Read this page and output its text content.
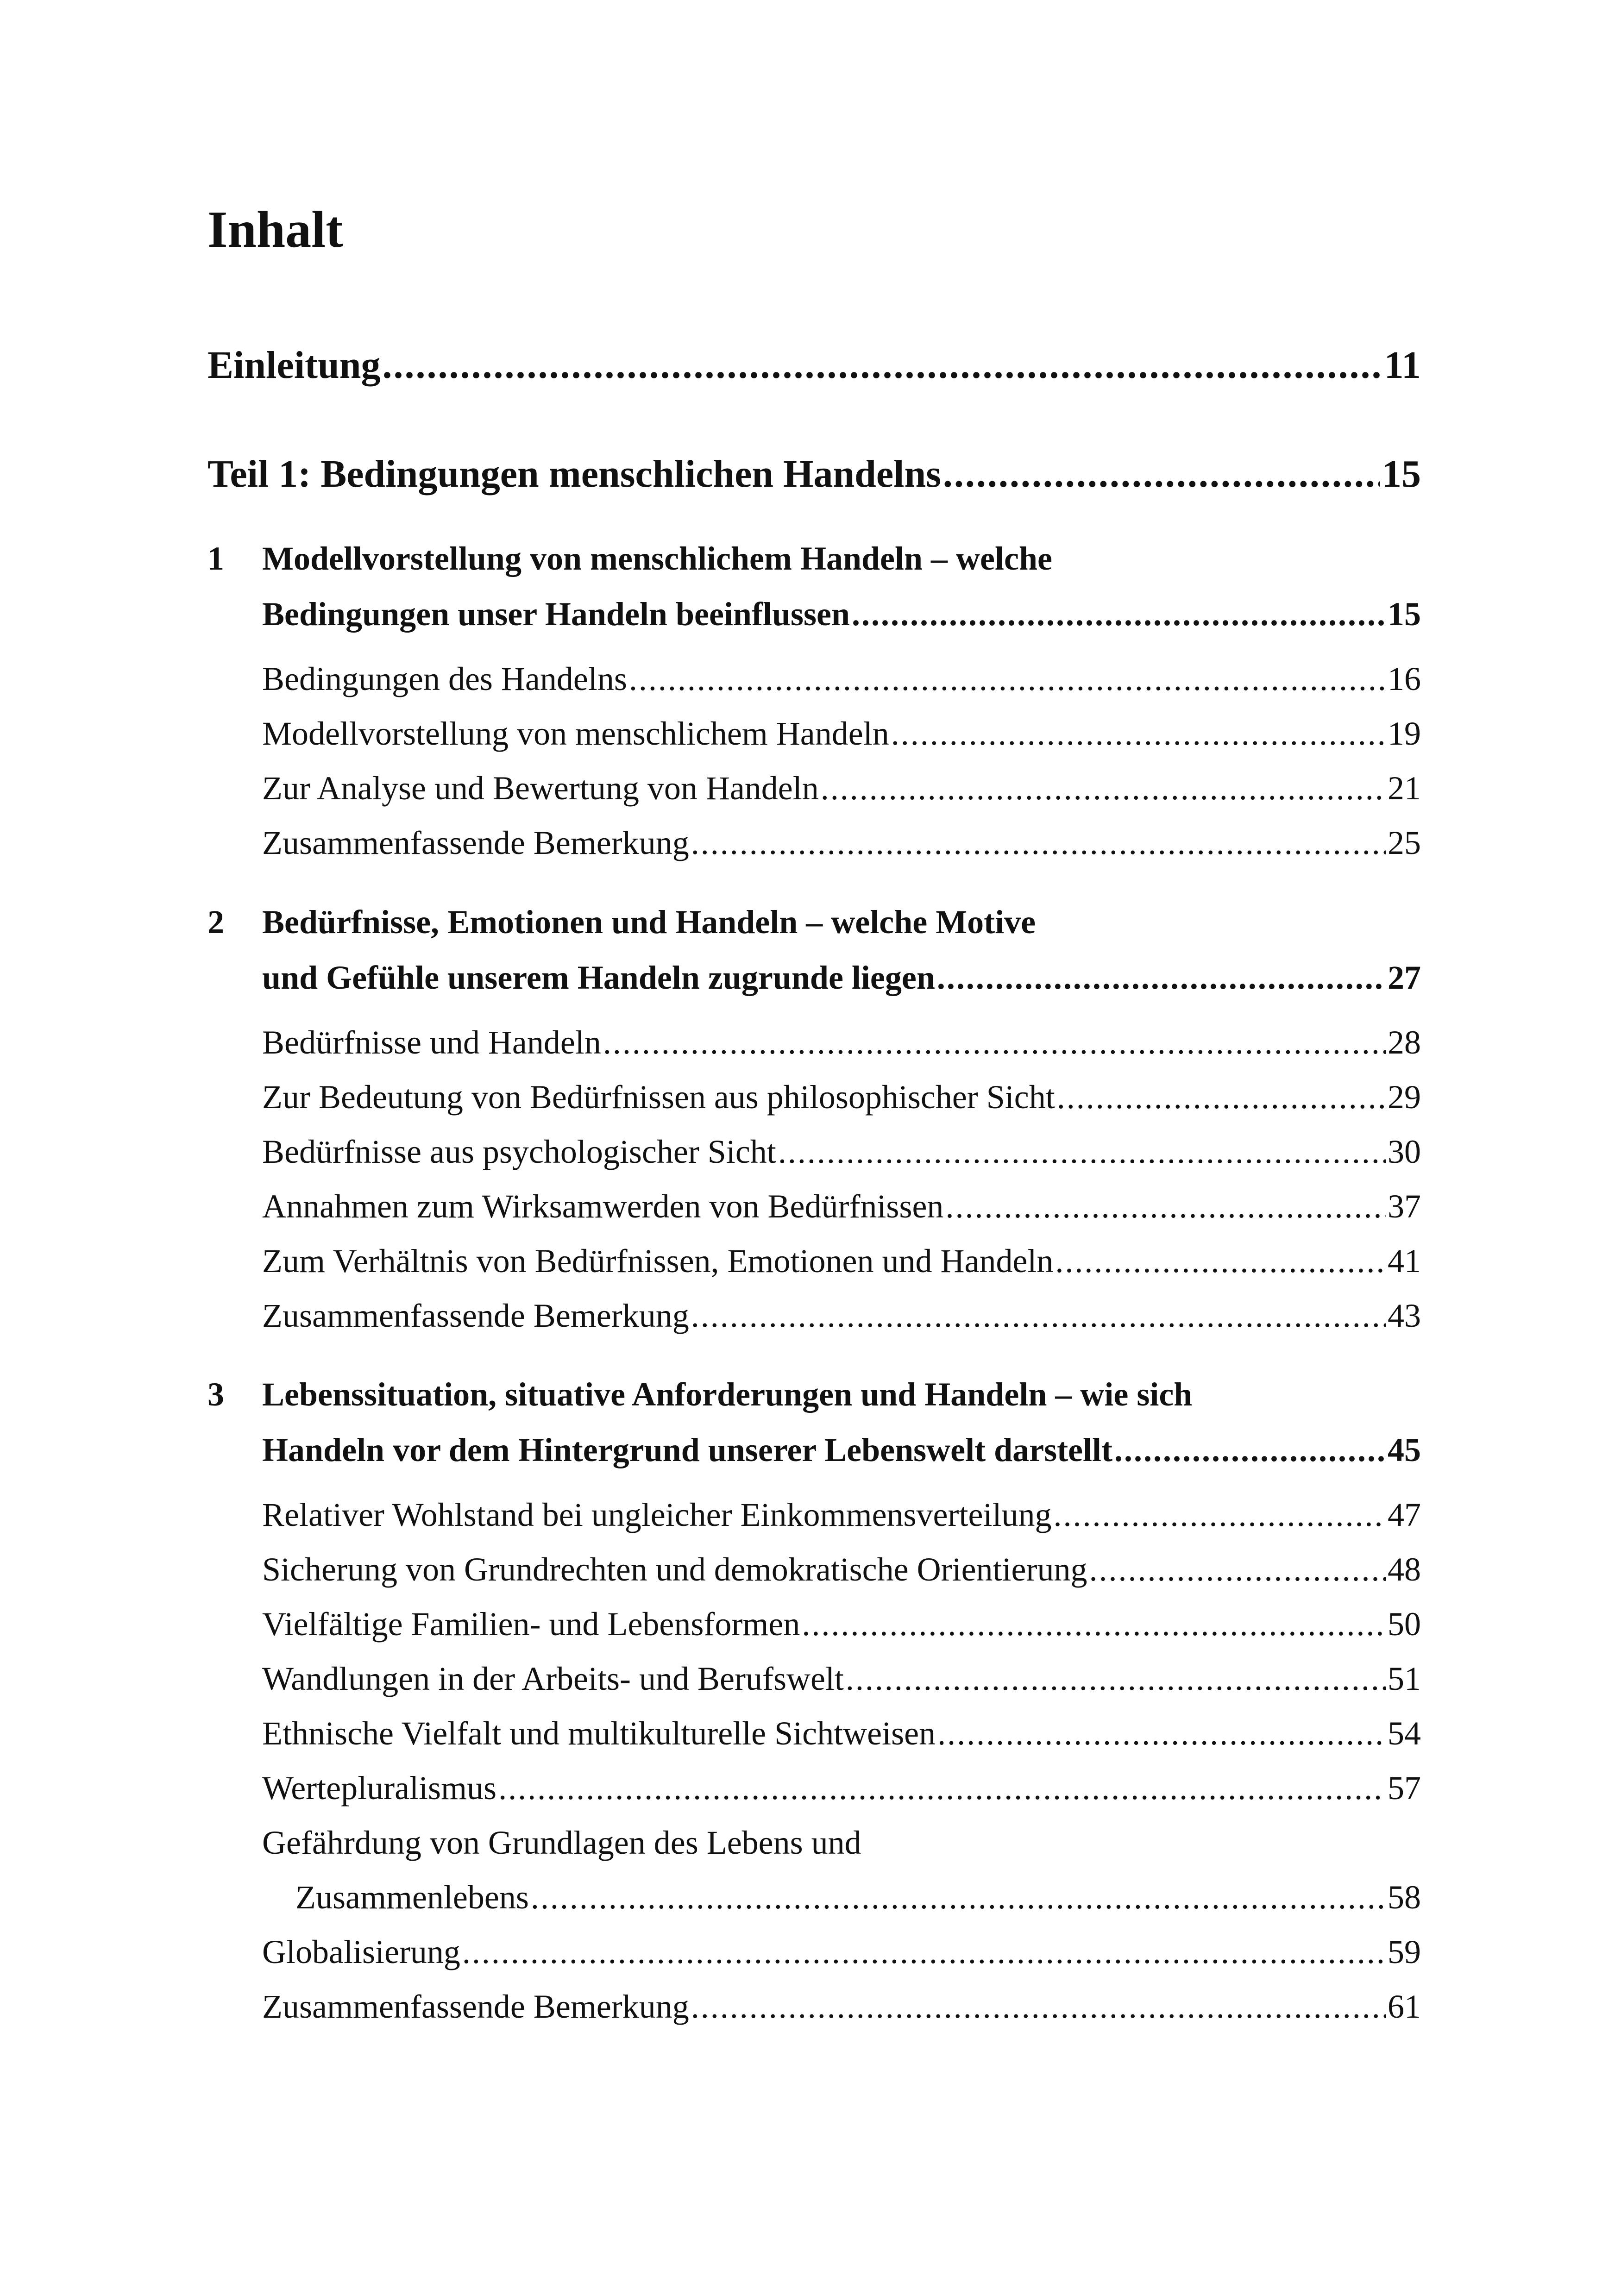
Inhalt
Einleitung .....	11
Teil 1: Bedingungen menschlichen Handelns .....	15
1 Modellvorstellung von menschlichem Handeln – welche
Bedingungen unser Handeln beeinflussen .....	15
Bedingungen des Handelns .....	16
Modellvorstellung von menschlichem Handeln .....	19
Zur Analyse und Bewertung von Handeln .....	21
Zusammenfassende Bemerkung .....	25
2 Bedürfnisse, Emotionen und Handeln – welche Motive
und Gefühle unserem Handeln zugrunde liegen .....	27
Bedürfnisse und Handeln .....	28
Zur Bedeutung von Bedürfnissen aus philosophischer Sicht .....	29
Bedürfnisse aus psychologischer Sicht .....	30
Annahmen zum Wirksamwerden von Bedürfnissen .....	37
Zum Verhältnis von Bedürfnissen, Emotionen und Handeln .....	41
Zusammenfassende Bemerkung .....	43
3 Lebenssituation, situative Anforderungen und Handeln – wie sich
Handeln vor dem Hintergrund unserer Lebenswelt darstellt .....	45
Relativer Wohlstand bei ungleicher Einkommensverteilung .....	47
Sicherung von Grundrechten und demokratische Orientierung .....	48
Vielfältige Familien- und Lebensformen .....	50
Wandlungen in der Arbeits- und Berufswelt .....	51
Ethnische Vielfalt und multikulturelle Sichtweisen .....	54
Wertepluralismus .....	57
Gefährdung von Grundlagen des Lebens und
Zusammenlebens .....	58
Globalisierung .....	59
Zusammenfassende Bemerkung .....	61
